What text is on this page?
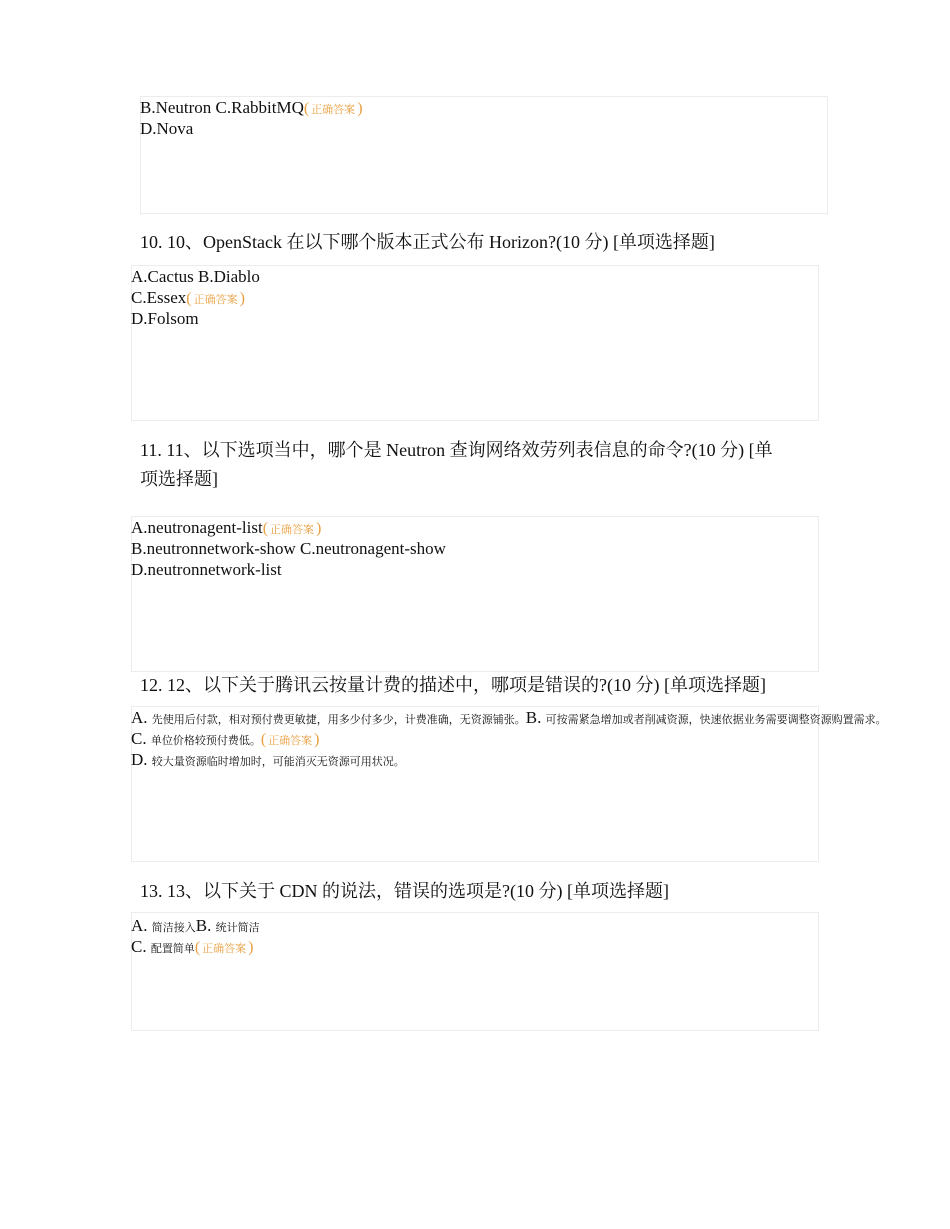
B.Neutron C.RabbitMQ( 正确答案 )
D.Nova
10. 10、OpenStack 在以下哪个版本正式公布 Horizon?(10 分) [单项选择题]
A.Cactus B.Diablo
C.Essex( 正确答案 )
D.Folsom
11. 11、以下选项当中，哪个是 Neutron 查询网络效劳列表信息的命令?(10 分) [单
项选择题]
A.neutronagent-list( 正确答案 )
B.neutronnetwork-show C.neutronagent-show
D.neutronnetwork-list
12. 12、以下关于腾讯云按量计费的描述中，哪项是错误的?(10 分) [单项选择题]
A. 先使用后付款，相对预付费更敏捷，用多少付多少，计费准确，无资源铺张。B. 可按需紧急增加或者削减资源，快速依据业务需要调整资源购置需求。
C. 单位价格较预付费低。( 正确答案 )
D. 较大量资源临时增加时，可能消灭无资源可用状况。
13. 13、以下关于 CDN 的说法，错误的选项是?(10 分) [单项选择题]
A. 简洁接入B. 统计简洁
C. 配置简单( 正确答案 )
